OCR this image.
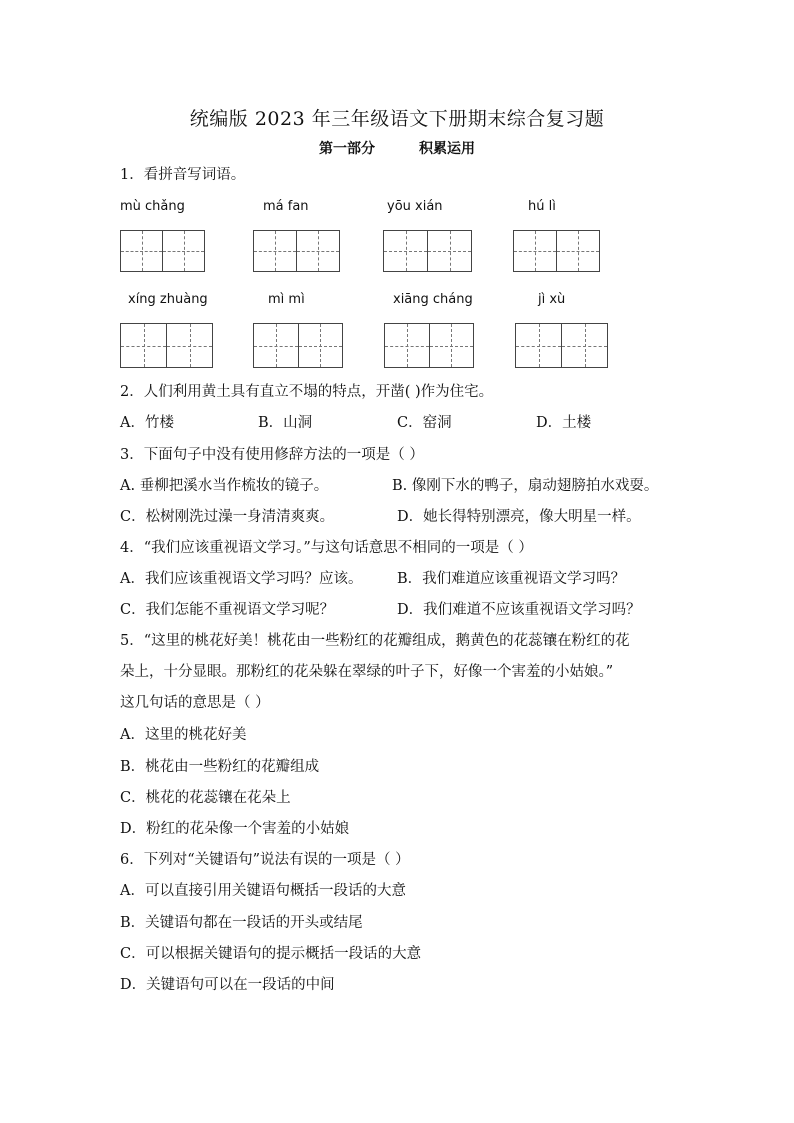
统编版 2023 年三年级语文下册期末综合复习题
第一部分	积累运用
1．看拼音写词语。
mù chǎng	má fan	yōu xián	hú lì
xíng zhuàng	mì mì	xiāng cháng	jì xù
2．人们利用黄土具有直立不塌的特点，开凿( )作为住宅。
A．竹楼	B．山洞	C．窑洞	D．土楼
3．下面句子中没有使用修辞方法的一项是（ ）
A. 垂柳把溪水当作梳妆的镜子。	B. 像刚下水的鸭子，扇动翅膀拍水戏耍。
C．松树刚洗过澡一身清清爽爽。	D．她长得特别漂亮，像大明星一样。
4．“我们应该重视语文学习。”与这句话意思不相同的一项是（ ）
A．我们应该重视语文学习吗？应该。 B．我们难道应该重视语文学习吗？
C．我们怎能不重视语文学习呢？	D．我们难道不应该重视语文学习吗？
5．“这里的桃花好美！桃花由一些粉红的花瓣组成，鹅黄色的花蕊镶在粉红的花
朵上，十分显眼。那粉红的花朵躲在翠绿的叶子下，好像一个害羞的小姑娘。”
这几句话的意思是（ ）
A．这里的桃花好美
B．桃花由一些粉红的花瓣组成
C．桃花的花蕊镶在花朵上
D．粉红的花朵像一个害羞的小姑娘
6．下列对“关键语句”说法有误的一项是（ ）
A．可以直接引用关键语句概括一段话的大意
B．关键语句都在一段话的开头或结尾
C．可以根据关键语句的提示概括一段话的大意
D．关键语句可以在一段话的中间
